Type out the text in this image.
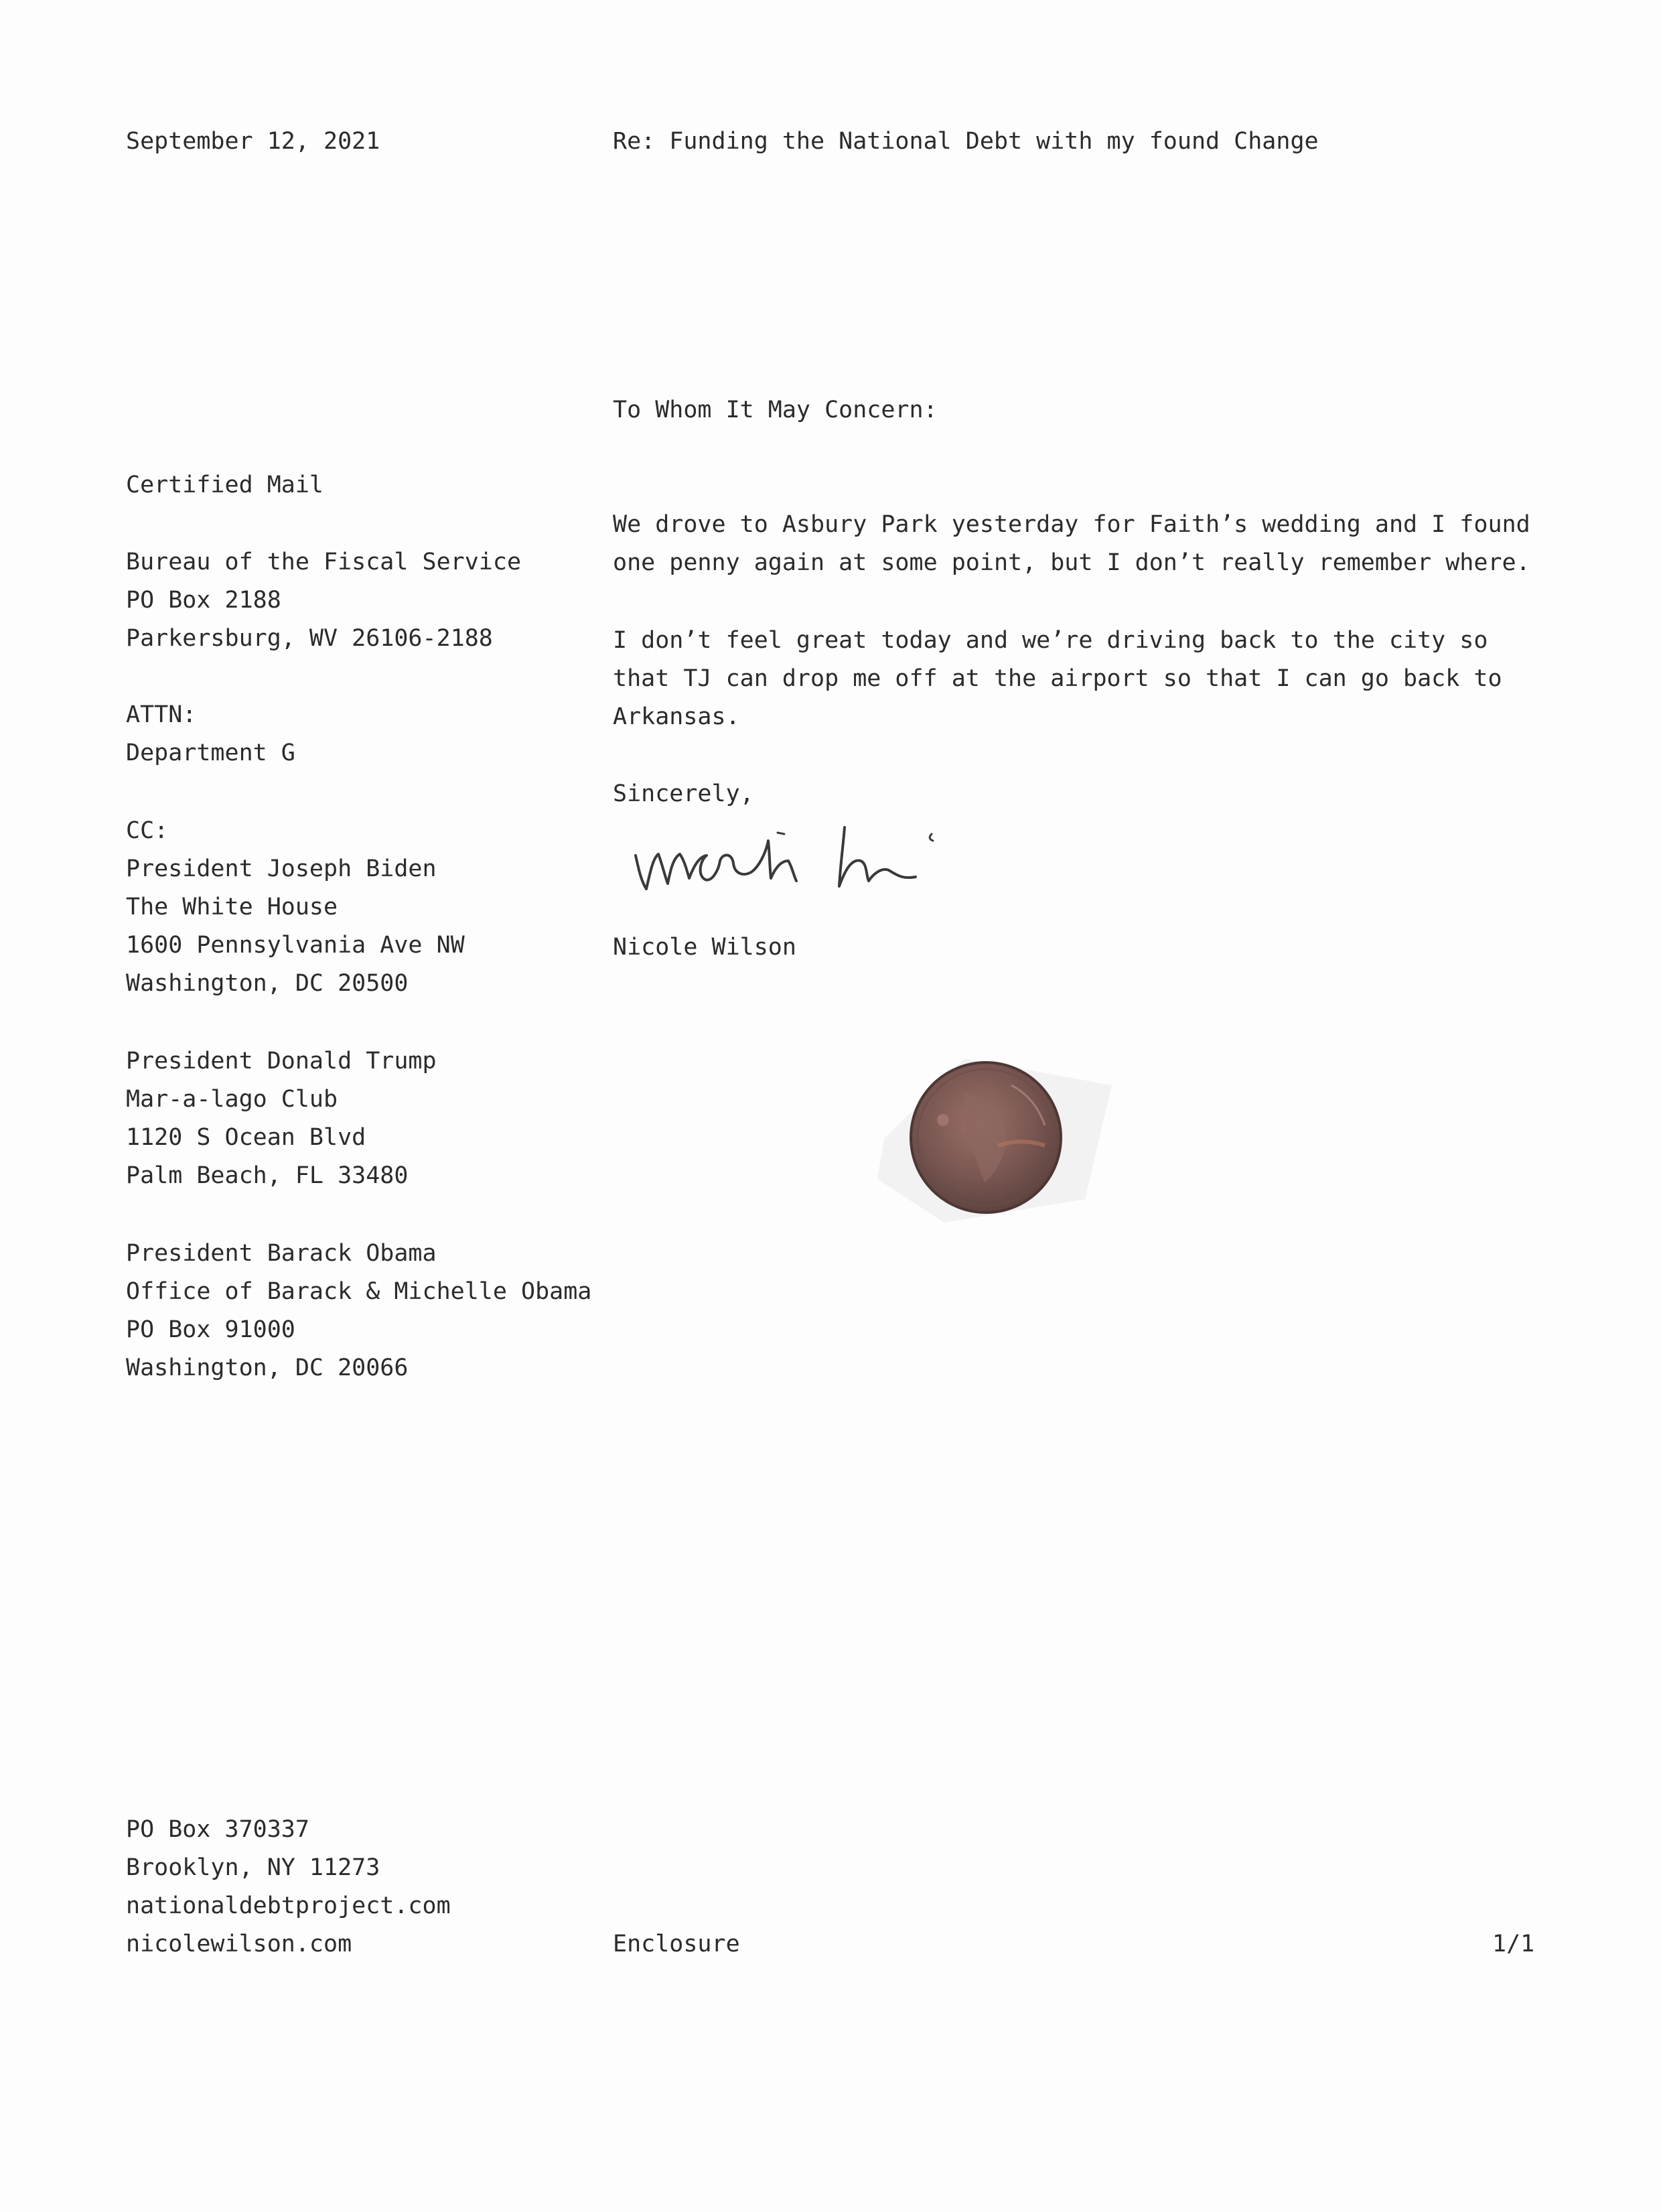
September 12, 2021	Re: Funding the National Debt with my found Change
To Whom It May Concern:
Certified Mail
Bureau of the Fiscal Service
PO Box 2188
Parkersburg, WV 26106-2188
ATTN:
Department G
CC:
President Joseph Biden
The White House
1600 Pennsylvania Ave NW
Washington, DC 20500
President Donald Trump
Mar-a-lago Club
1120 S Ocean Blvd
Palm Beach, FL 33480
President Barack Obama
Office of Barack & Michelle Obama
PO Box 91000
Washington, DC 20066
We drove to Asbury Park yesterday for Faith’s wedding and I found
one penny again at some point, but I don’t really remember where.
I don’t feel great today and we’re driving back to the city so
that TJ can drop me off at the airport so that I can go back to
Arkansas.
Sincerely,
Nicole Wilson
PO Box 370337
Brooklyn, NY 11273
nationaldebtproject.com
nicolewilson.com	Enclosure	1/1
